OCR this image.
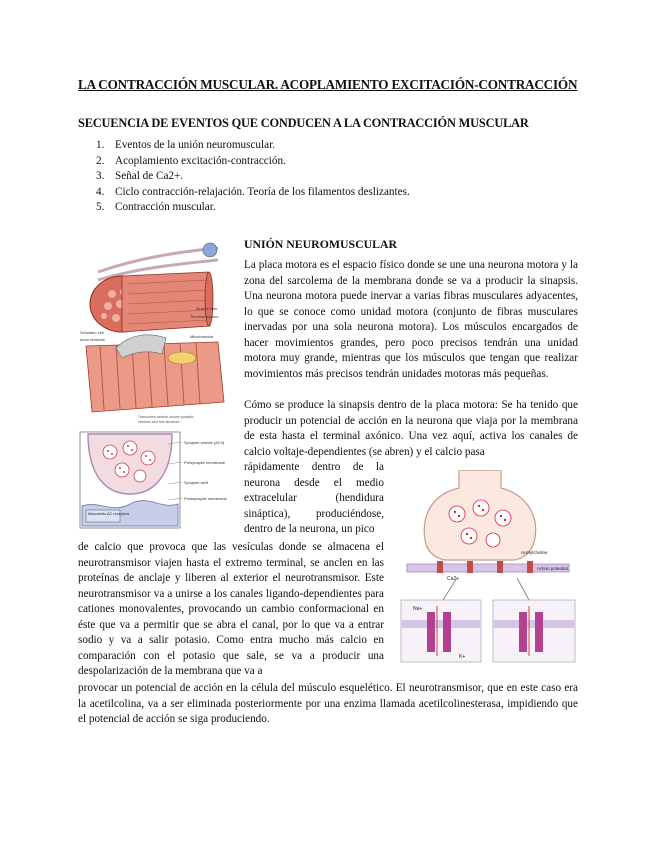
LA CONTRACCIÓN MUSCULAR. ACOPLAMIENTO EXCITACIÓN-CONTRACCIÓN
SECUENCIA DE EVENTOS QUE CONDUCEN A LA CONTRACCIÓN MUSCULAR
1. Eventos de la unión neuromuscular.
2. Acoplamiento excitación-contracción.
3. Señal de Ca2+.
4. Ciclo contracción-relajación. Teoría de los filamentos deslizantes.
5. Contracción muscular.
Muscle fiber
Terminal bouton
Schwann cell
Axon terminal
Mitochondria
Transverse section shows synaptic
vesicles and fine structure
Muscarinic AC receptors
Synaptic vesicle (ACh)
Presynaptic membrane
Synaptic cleft
Postsynaptic membrane
Ca2+
Acetylcholine
Action potential
Na+
K+
UNIÓN NEUROMUSCULAR
La placa motora es el espacio físico donde se une una neurona motora y la zona del sarcolema de la membrana donde se va a producir la sinapsis. Una neurona motora puede inervar a varias fibras musculares adyacentes, lo que se conoce como unidad motora (conjunto de fibras musculares inervadas por una sola neurona motora). Los músculos encargados de hacer movimientos grandes, pero poco precisos tendrán una unidad motora muy grande, mientras que los músculos que tengan que realizar movimientos más precisos tendrán unidades motoras más pequeñas.
Cómo se produce la sinapsis dentro de la placa motora: Se ha tenido que producir un potencial de acción en la neurona que viaja por la membrana de esta hasta el terminal axónico. Una vez aquí, activa los canales de calcio voltaje-dependientes (se abren) y el calcio pasa
rápidamente dentro de la neurona desde el medio extracelular (hendidura sináptica), produciéndose, dentro de la neurona, un pico
de calcio que provoca que las vesículas donde se almacena el neurotransmisor viajen hasta el extremo terminal, se anclen en las proteínas de anclaje y liberen al exterior el neurotransmisor. Este neurotransmisor va a unirse a los canales ligando-dependientes para cationes monovalentes, provocando un cambio conformacional en éste que va a permitir que se abra el canal, por lo que va a entrar sodio y va a salir potasio. Como entra mucho más calcio en comparación con el potasio que sale, se va a producir una despolarización de la membrana que va a
provocar un potencial de acción en la célula del músculo esquelético. El neurotransmisor, que en este caso era la acetilcolina, va a ser eliminada posteriormente por una enzima llamada acetilcolinesterasa, impidiendo que el potencial de acción se siga produciendo.
